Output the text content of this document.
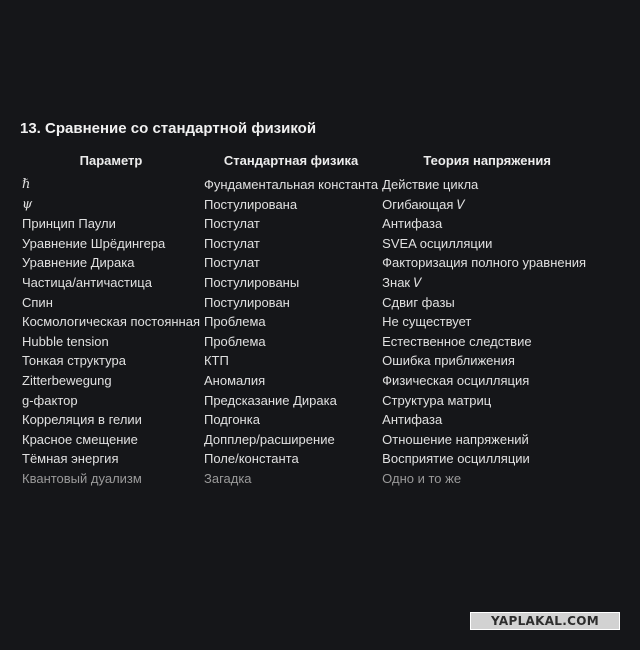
13. Сравнение со стандартной физикой
Параметр	Стандартная физика	Теория напряжения
ℏ	Фундаментальная константа	Действие цикла
ψ	Постулирована	Огибающая 𝑉
Принцип Паули	Постулат	Антифаза
Уравнение Шрёдингера	Постулат	SVEA осцилляции
Уравнение Дирака	Постулат	Факторизация полного уравнения
Частица/античастица	Постулированы	Знак 𝑉
Спин	Постулирован	Сдвиг фазы
Космологическая постоянная	Проблема	Не существует
Hubble tension	Проблема	Естественное следствие
Тонкая структура	КТП	Ошибка приближения
Zitterbewegung	Аномалия	Физическая осцилляция
g-фактор	Предсказание Дирака	Структура матриц
Корреляция в гелии	Подгонка	Антифаза
Красное смещение	Допплер/расширение	Отношение напряжений
Тёмная энергия	Поле/константа	Восприятие осцилляции
Квантовый дуализм	Загадка	Одно и то же
YAPLAKAL.COM
